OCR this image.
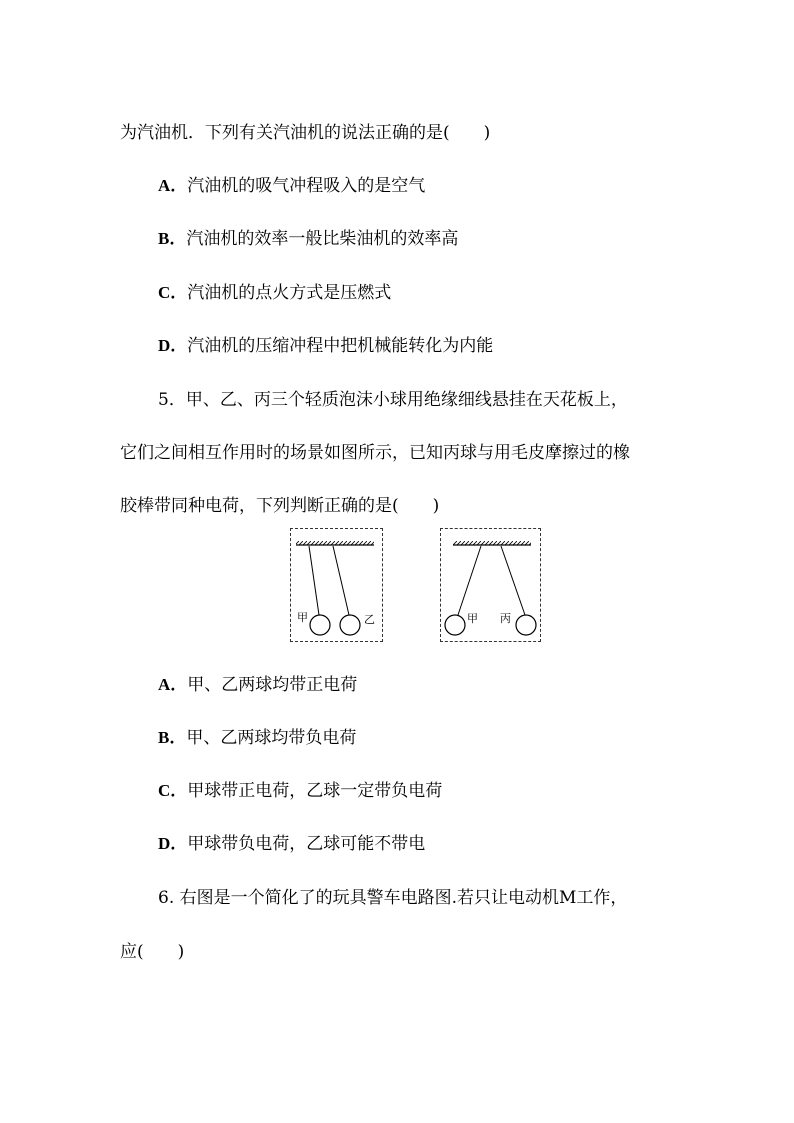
为汽油机．下列有关汽油机的说法正确的是(　　)
A．汽油机的吸气冲程吸入的是空气
B．汽油机的效率一般比柴油机的效率高
C．汽油机的点火方式是压燃式
D．汽油机的压缩冲程中把机械能转化为内能
5．甲、乙、丙三个轻质泡沫小球用绝缘细线悬挂在天花板上，
它们之间相互作用时的场景如图所示，已知丙球与用毛皮摩擦过的橡
胶棒带同种电荷，下列判断正确的是(　　)
甲	乙	甲 丙
A．甲、乙两球均带正电荷
B．甲、乙两球均带负电荷
C．甲球带正电荷，乙球一定带负电荷
D．甲球带负电荷，乙球可能不带电
6. 右图是一个简化了的玩具警车电路图.若只让电动机M工作，
应(　　)
